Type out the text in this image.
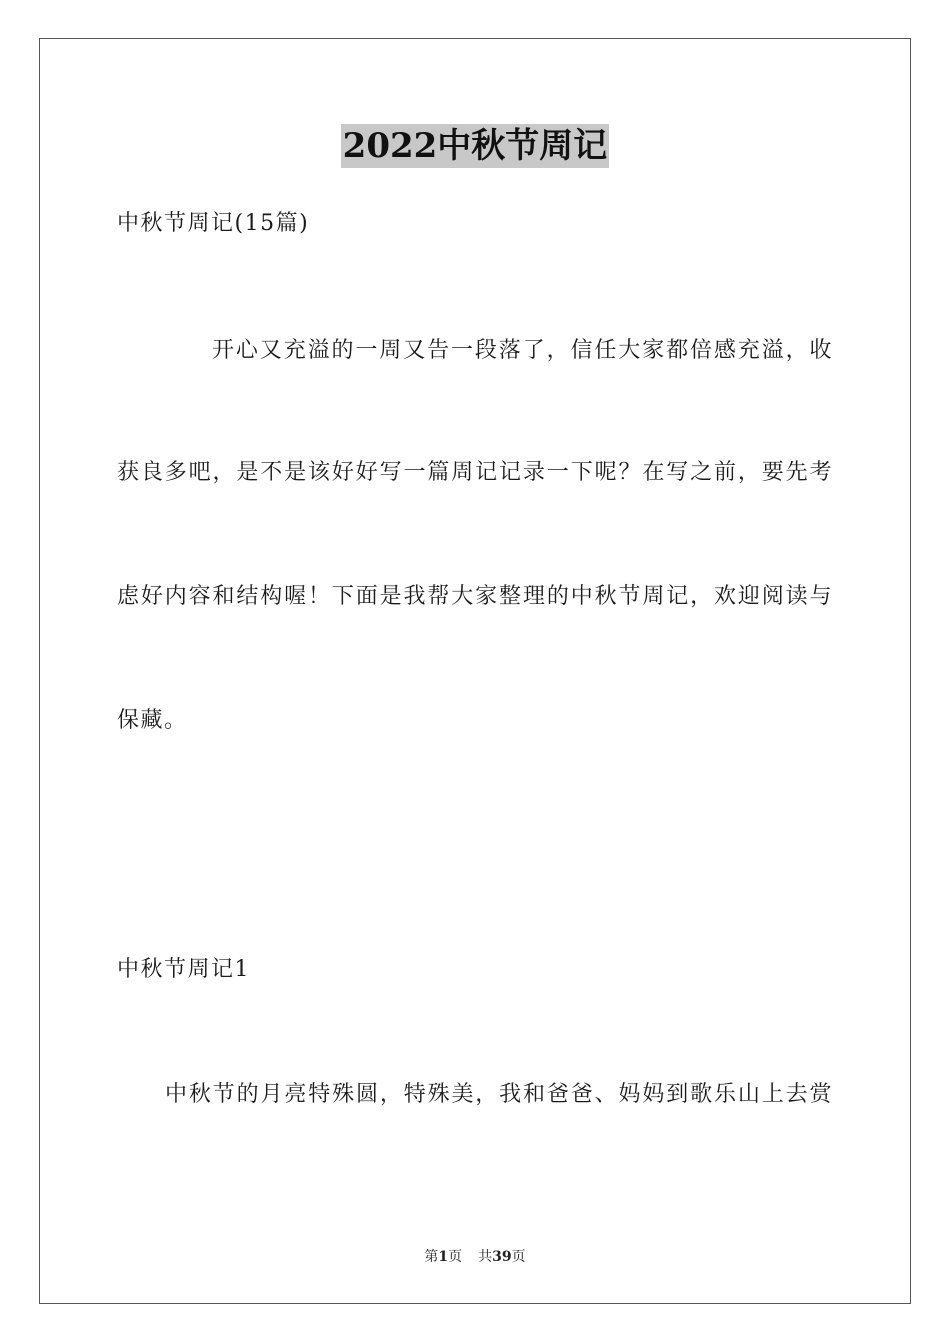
2022中秋节周记
中秋节周记(15篇)
开心又充溢的一周又告一段落了，信任大家都倍感充溢，收
获良多吧，是不是该好好写一篇周记记录一下呢？在写之前，要先考
虑好内容和结构喔！下面是我帮大家整理的中秋节周记，欢迎阅读与
保藏。
中秋节周记1
中秋节的月亮特殊圆，特殊美，我和爸爸、妈妈到歌乐山上去赏
第1页 共39页
